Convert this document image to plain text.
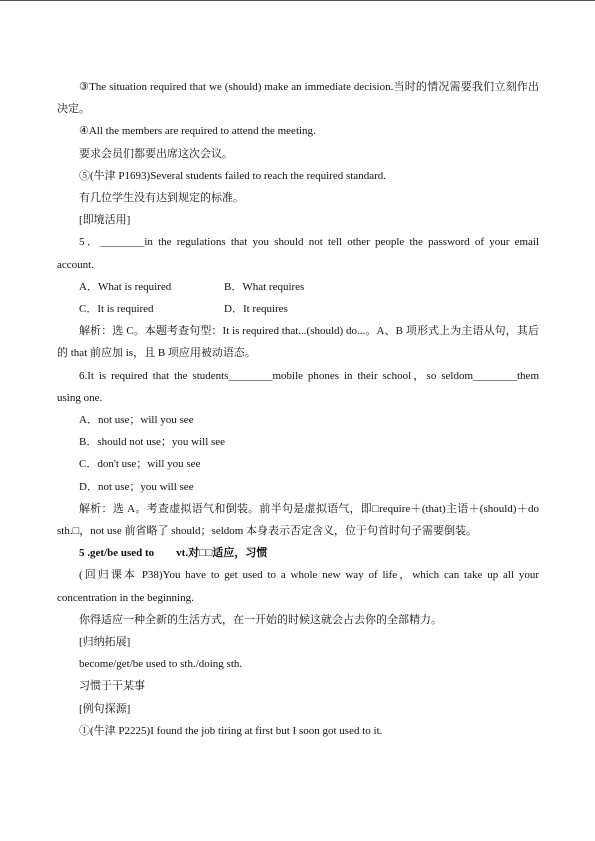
③The situation required that we (should) make an immediate decision.当时的情况需要我们立刻作出决定。

④All the members are required to attend the meeting.

要求会员们都要出席这次会议。

⑤(牛津 P1693)Several students failed to reach the required standard.

有几位学生没有达到规定的标准。

[即境活用]

5．________in the regulations that you should not tell other people the password of your email account.

A．What is required	B．What requires
C．It is required	D．It requires

解析：选 C。本题考查句型：It is required that...(should) do...。A、B 项形式上为主语从句，其后的 that 前应加 is，且 B 项应用被动语态。

6.It is required that the students________mobile phones in their school，so seldom________them using one.

A．not use；will you see

B．should not use；you will see

C．don't use；will you see

D．not use；you will see

解析：选 A。考查虚拟语气和倒装。前半句是虚拟语气，即□require＋(that)主语＋(should)＋do sth.□，not use 前省略了 should；seldom 本身表示否定含义，位于句首时句子需要倒装。

5 .get/be used to　　vt.对□□适应，习惯

(回归课本 P38)You have to get used to a whole new way of life，which can take up all your concentration in the beginning.

你得适应一种全新的生活方式，在一开始的时候这就会占去你的全部精力。

[归纳拓展]

become/get/be used to sth./doing sth.

习惯于干某事

[例句探源]

①(牛津 P2225)I found the job tiring at first but I soon got used to it.
